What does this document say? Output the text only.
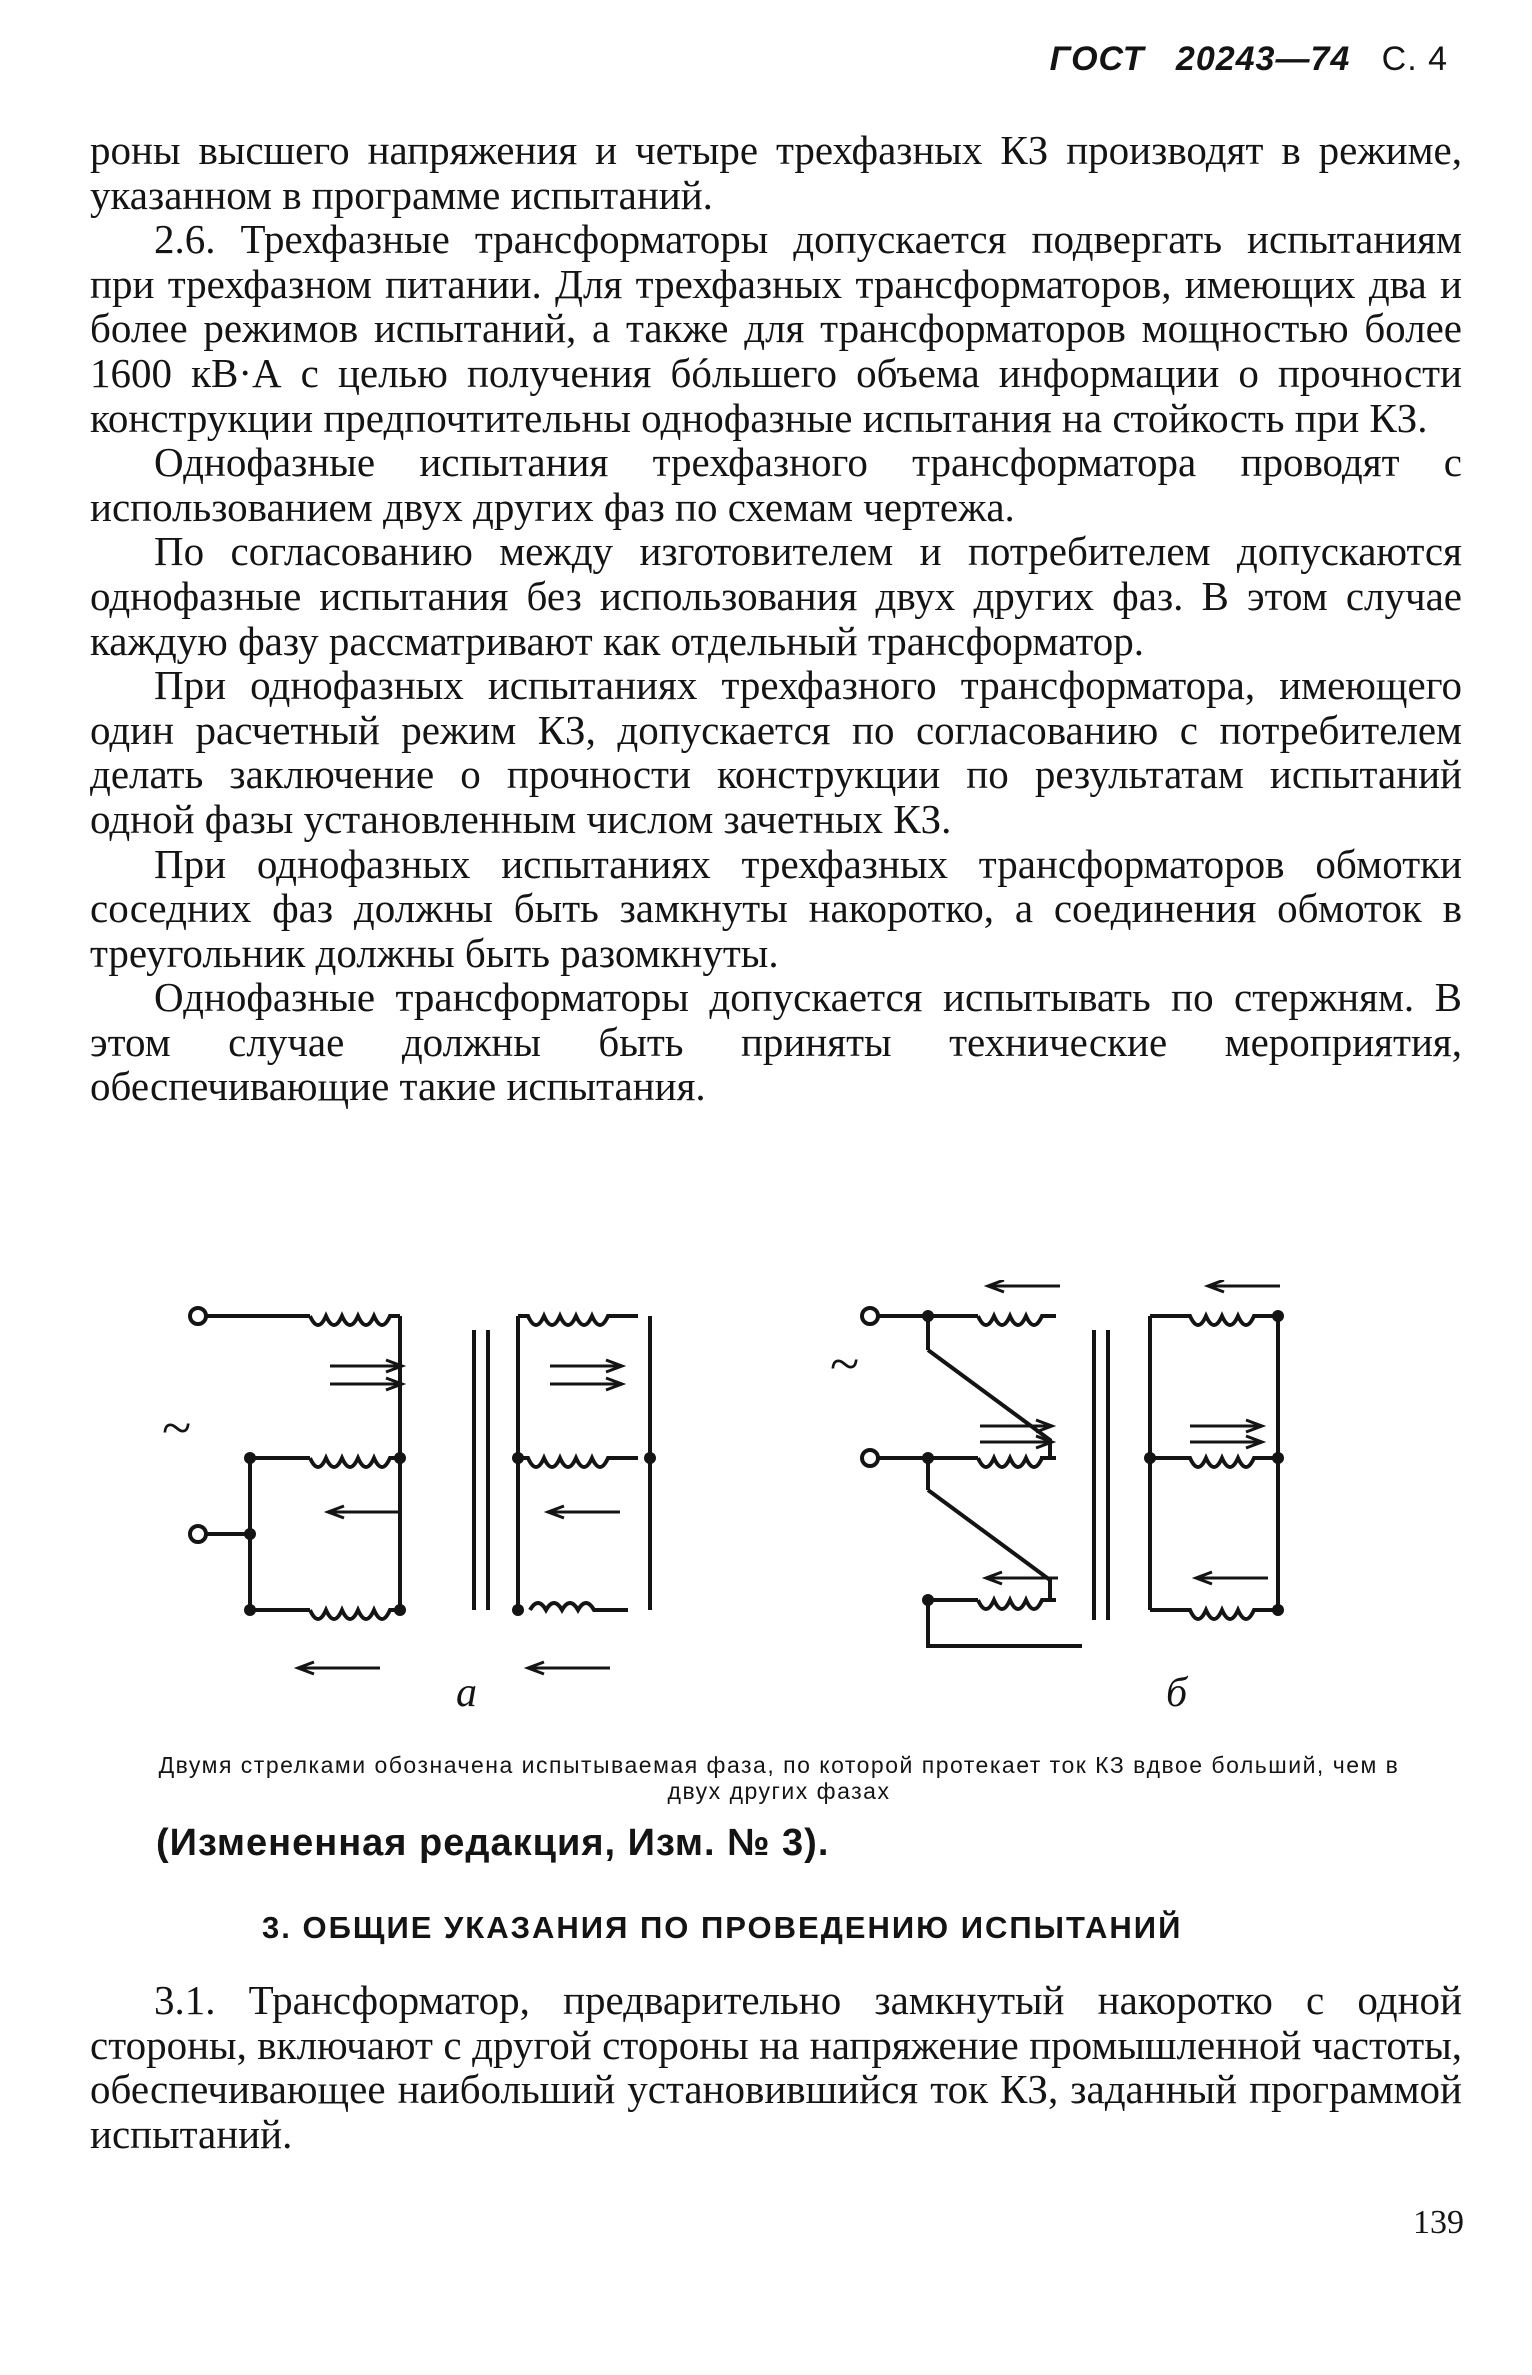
ГОСТ 20243—74 С. 4

роны высшего напряжения и четыре трехфазных КЗ производят в режиме, указанном в программе испытаний.

2.6. Трехфазные трансформаторы допускается подвергать испытаниям при трехфазном питании. Для трехфазных трансформаторов, имеющих два и более режимов испытаний, а также для трансформаторов мощностью более 1600 кВ·А с целью получения бóльшего объема информации о прочности конструкции предпочтительны однофазные испытания на стойкость при КЗ.

Однофазные испытания трехфазного трансформатора проводят с использованием двух других фаз по схемам чертежа.

По согласованию между изготовителем и потребителем допускаются однофазные испытания без использования двух других фаз. В этом случае каждую фазу рассматривают как отдельный трансформатор.

При однофазных испытаниях трехфазного трансформатора, имеющего один расчетный режим КЗ, допускается по согласованию с потребителем делать заключение о прочности конструкции по результатам испытаний одной фазы установленным числом зачетных КЗ.

При однофазных испытаниях трехфазных трансформаторов обмотки соседних фаз должны быть замкнуты накоротко, а соединения обмоток в треугольник должны быть разомкнуты.

Однофазные трансформаторы допускается испытывать по стержням. В этом случае должны быть приняты технические мероприятия, обеспечивающие такие испытания.

~
~
а	б
Двумя стрелками обозначена испытываемая фаза, по которой протекает ток КЗ вдвое больший, чем в двух других фазах
(Измененная редакция, Изм. № 3).
3. ОБЩИЕ УКАЗАНИЯ ПО ПРОВЕДЕНИЮ ИСПЫТАНИЙ

3.1. Трансформатор, предварительно замкнутый накоротко с одной стороны, включают с другой стороны на напряжение промышленной частоты, обеспечивающее наибольший установившийся ток КЗ, заданный программой испытаний.

139
